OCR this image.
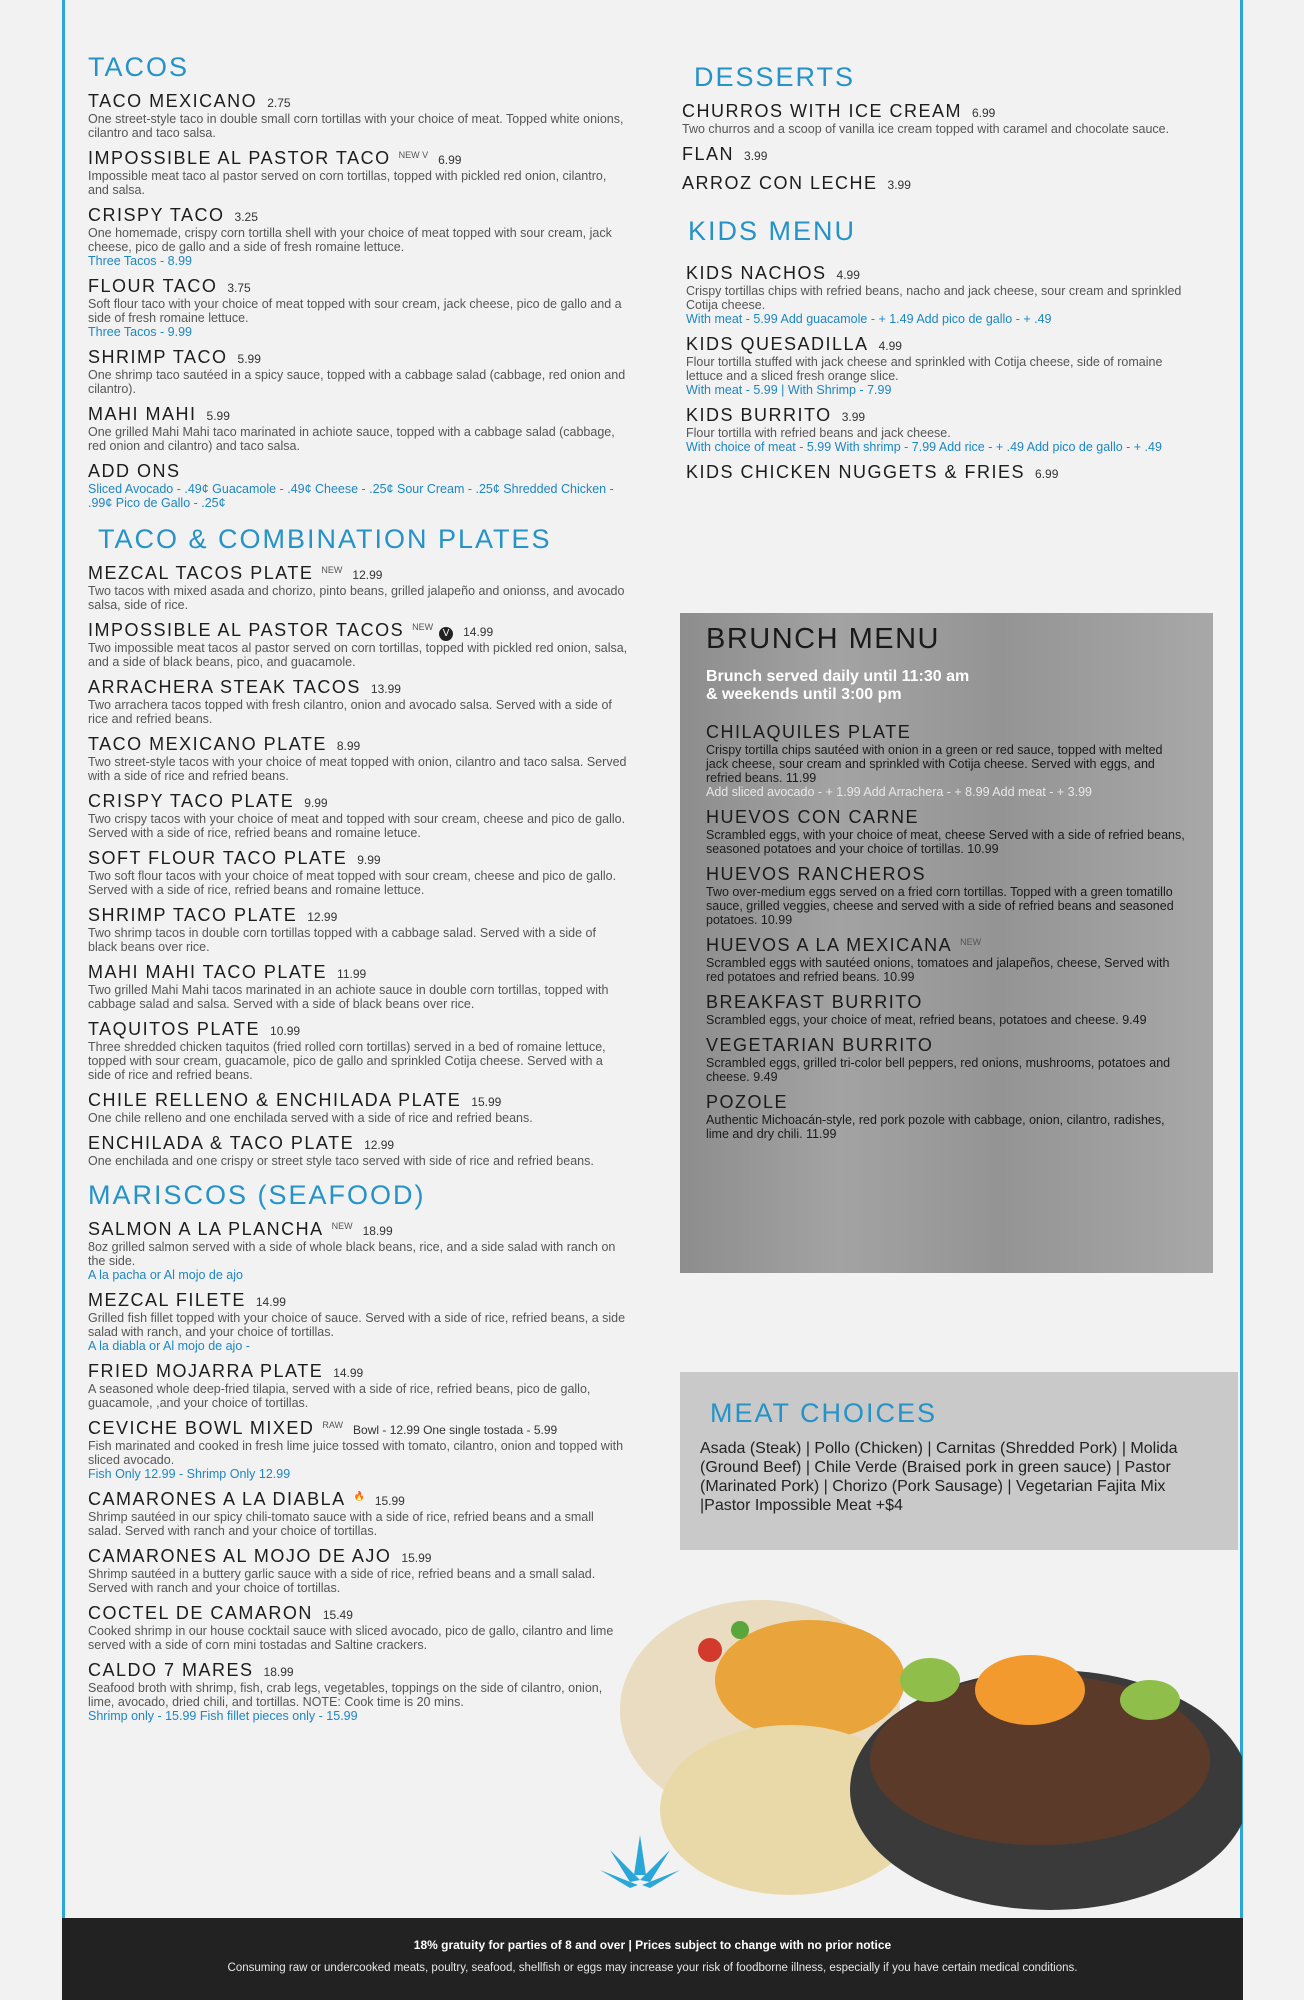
TACOS
TACO MEXICANO 2.75
One street-style taco in double small corn tortillas with your choice of meat. Topped white onions, cilantro and taco salsa.
IMPOSSIBLE AL PASTOR TACO $^{NEW V}$ 6.99
Impossible meat taco al pastor served on corn tortillas, topped with pickled red onion, cilantro, and salsa.
CRISPY TACO 3.25
One homemade, crispy corn tortilla shell with your choice of meat topped with sour cream, jack cheese, pico de gallo and a side of fresh romaine lettuce.
Three Tacos - 8.99
FLOUR TACO 3.75
Soft flour taco with your choice of meat topped with sour cream, jack cheese, pico de gallo and a side of fresh romaine lettuce.
Three Tacos - 9.99
SHRIMP TACO 5.99
One shrimp taco sautéed in a spicy sauce, topped with a cabbage salad (cabbage, red onion and cilantro).
MAHI MAHI 5.99
One grilled Mahi Mahi taco marinated in achiote sauce, topped with a cabbage salad (cabbage, red onion and cilantro) and taco salsa.
ADD ONS
Sliced Avocado - .49¢ Guacamole - .49¢ Cheese - .25¢ Sour Cream - .25¢ Shredded Chicken - .99¢ Pico de Gallo - .25¢
TACO & COMBINATION PLATES
MEZCAL TACOS PLATE $^{NEW}$ 12.99
Two tacos with mixed asada and chorizo, pinto beans, grilled jalapeño and onionss, and avocado salsa, side of rice.
IMPOSSIBLE AL PASTOR TACOS $^{NEW}$V 14.99
Two impossible meat tacos al pastor served on corn tortillas, topped with pickled red onion, salsa, and a side of black beans, pico, and guacamole.
ARRACHERA STEAK TACOS 13.99
Two arrachera tacos topped with fresh cilantro, onion and avocado salsa. Served with a side of rice and refried beans.
TACO MEXICANO PLATE 8.99
Two street-style tacos with your choice of meat topped with onion, cilantro and taco salsa. Served with a side of rice and refried beans.
CRISPY TACO PLATE 9.99
Two crispy tacos with your choice of meat and topped with sour cream, cheese and pico de gallo. Served with a side of rice, refried beans and romaine letuce.
SOFT FLOUR TACO PLATE 9.99
Two soft flour tacos with your choice of meat topped with sour cream, cheese and pico de gallo. Served with a side of rice, refried beans and romaine lettuce.
SHRIMP TACO PLATE 12.99
Two shrimp tacos in double corn tortillas topped with a cabbage salad. Served with a side of black beans over rice.
MAHI MAHI TACO PLATE 11.99
Two grilled Mahi Mahi tacos marinated in an achiote sauce in double corn tortillas, topped with cabbage salad and salsa. Served with a side of black beans over rice.
TAQUITOS PLATE 10.99
Three shredded chicken taquitos (fried rolled corn tortillas) served in a bed of romaine lettuce, topped with sour cream, guacamole, pico de gallo and sprinkled Cotija cheese. Served with a side of rice and refried beans.
CHILE RELLENO & ENCHILADA PLATE 15.99
One chile relleno and one enchilada served with a side of rice and refried beans.
ENCHILADA & TACO PLATE 12.99
One enchilada and one crispy or street style taco served with side of rice and refried beans.
MARISCOS (SEAFOOD)
SALMON A LA PLANCHA $^{NEW}$ 18.99
8oz grilled salmon served with a side of whole black beans, rice, and a side salad with ranch on the side.
A la pacha or Al mojo de ajo
MEZCAL FILETE 14.99
Grilled fish fillet topped with your choice of sauce. Served with a side of rice, refried beans, a side salad with ranch, and your choice of tortillas.
A la diabla or Al mojo de ajo -
FRIED MOJARRA PLATE 14.99
A seasoned whole deep-fried tilapia, served with a side of rice, refried beans, pico de gallo, guacamole, ,and your choice of tortillas.
CEVICHE BOWL MIXED $^{RAW}$ Bowl - 12.99 One single tostada - 5.99
Fish marinated and cooked in fresh lime juice tossed with tomato, cilantro, onion and topped with sliced avocado.
Fish Only 12.99 - Shrimp Only 12.99
CAMARONES A LA DIABLA 🔥 15.99
Shrimp sautéed in our spicy chili-tomato sauce with a side of rice, refried beans and a small salad. Served with ranch and your choice of tortillas.
CAMARONES AL MOJO DE AJO 15.99
Shrimp sautéed in a buttery garlic sauce with a side of rice, refried beans and a small salad. Served with ranch and your choice of tortillas.
COCTEL DE CAMARON 15.49
Cooked shrimp in our house cocktail sauce with sliced avocado, pico de gallo, cilantro and lime served with a side of corn mini tostadas and Saltine crackers.
CALDO 7 MARES 18.99
Seafood broth with shrimp, fish, crab legs, vegetables, toppings on the side of cilantro, onion, lime, avocado, dried chili, and tortillas. NOTE: Cook time is 20 mins.
Shrimp only - 15.99 Fish fillet pieces only - 15.99
DESSERTS
CHURROS WITH ICE CREAM 6.99
Two churros and a scoop of vanilla ice cream topped with caramel and chocolate sauce.
FLAN 3.99
ARROZ CON LECHE 3.99
KIDS MENU
KIDS NACHOS 4.99
Crispy tortillas chips with refried beans, nacho and jack cheese, sour cream and sprinkled Cotija cheese.
With meat - 5.99 Add guacamole - + 1.49 Add pico de gallo - + .49
KIDS QUESADILLA 4.99
Flour tortilla stuffed with jack cheese and sprinkled with Cotija cheese, side of romaine lettuce and a sliced fresh orange slice.
With meat - 5.99 | With Shrimp - 7.99
KIDS BURRITO 3.99
Flour tortilla with refried beans and jack cheese.
With choice of meat - 5.99 With shrimp - 7.99 Add rice - + .49 Add pico de gallo - + .49
KIDS CHICKEN NUGGETS & FRIES 6.99
BRUNCH MENU
Brunch served daily until 11:30 am
& weekends until 3:00 pm
CHILAQUILES PLATE
Crispy tortilla chips sautéed with onion in a green or red sauce, topped with melted jack cheese, sour cream and sprinkled with Cotija cheese. Served with eggs, and refried beans. 11.99
Add sliced avocado - + 1.99 Add Arrachera - + 8.99 Add meat - + 3.99
HUEVOS CON CARNE
Scrambled eggs, with your choice of meat, cheese Served with a side of refried beans, seasoned potatoes and your choice of tortillas. 10.99
HUEVOS RANCHEROS
Two over-medium eggs served on a fried corn tortillas. Topped with a green tomatillo sauce, grilled veggies, cheese and served with a side of refried beans and seasoned potatoes. 10.99
HUEVOS A LA MEXICANA $^{NEW}$
Scrambled eggs with sautéed onions, tomatoes and jalapeños, cheese, Served with red potatoes and refried beans. 10.99
BREAKFAST BURRITO
Scrambled eggs, your choice of meat, refried beans, potatoes and cheese. 9.49
VEGETARIAN BURRITO
Scrambled eggs, grilled tri-color bell peppers, red onions, mushrooms, potatoes and cheese. 9.49
POZOLE
Authentic Michoacán-style, red pork pozole with cabbage, onion, cilantro, radishes, lime and dry chili. 11.99
MEAT CHOICES
Asada (Steak) | Pollo (Chicken) | Carnitas (Shredded Pork) | Molida (Ground Beef) | Chile Verde (Braised pork in green sauce) | Pastor (Marinated Pork) | Chorizo (Pork Sausage) | Vegetarian Fajita Mix |Pastor Impossible Meat +$4
18% gratuity for parties of 8 and over | Prices subject to change with no prior notice
Consuming raw or undercooked meats, poultry, seafood, shellfish or eggs may increase your risk of foodborne illness, especially if you have certain medical conditions.
